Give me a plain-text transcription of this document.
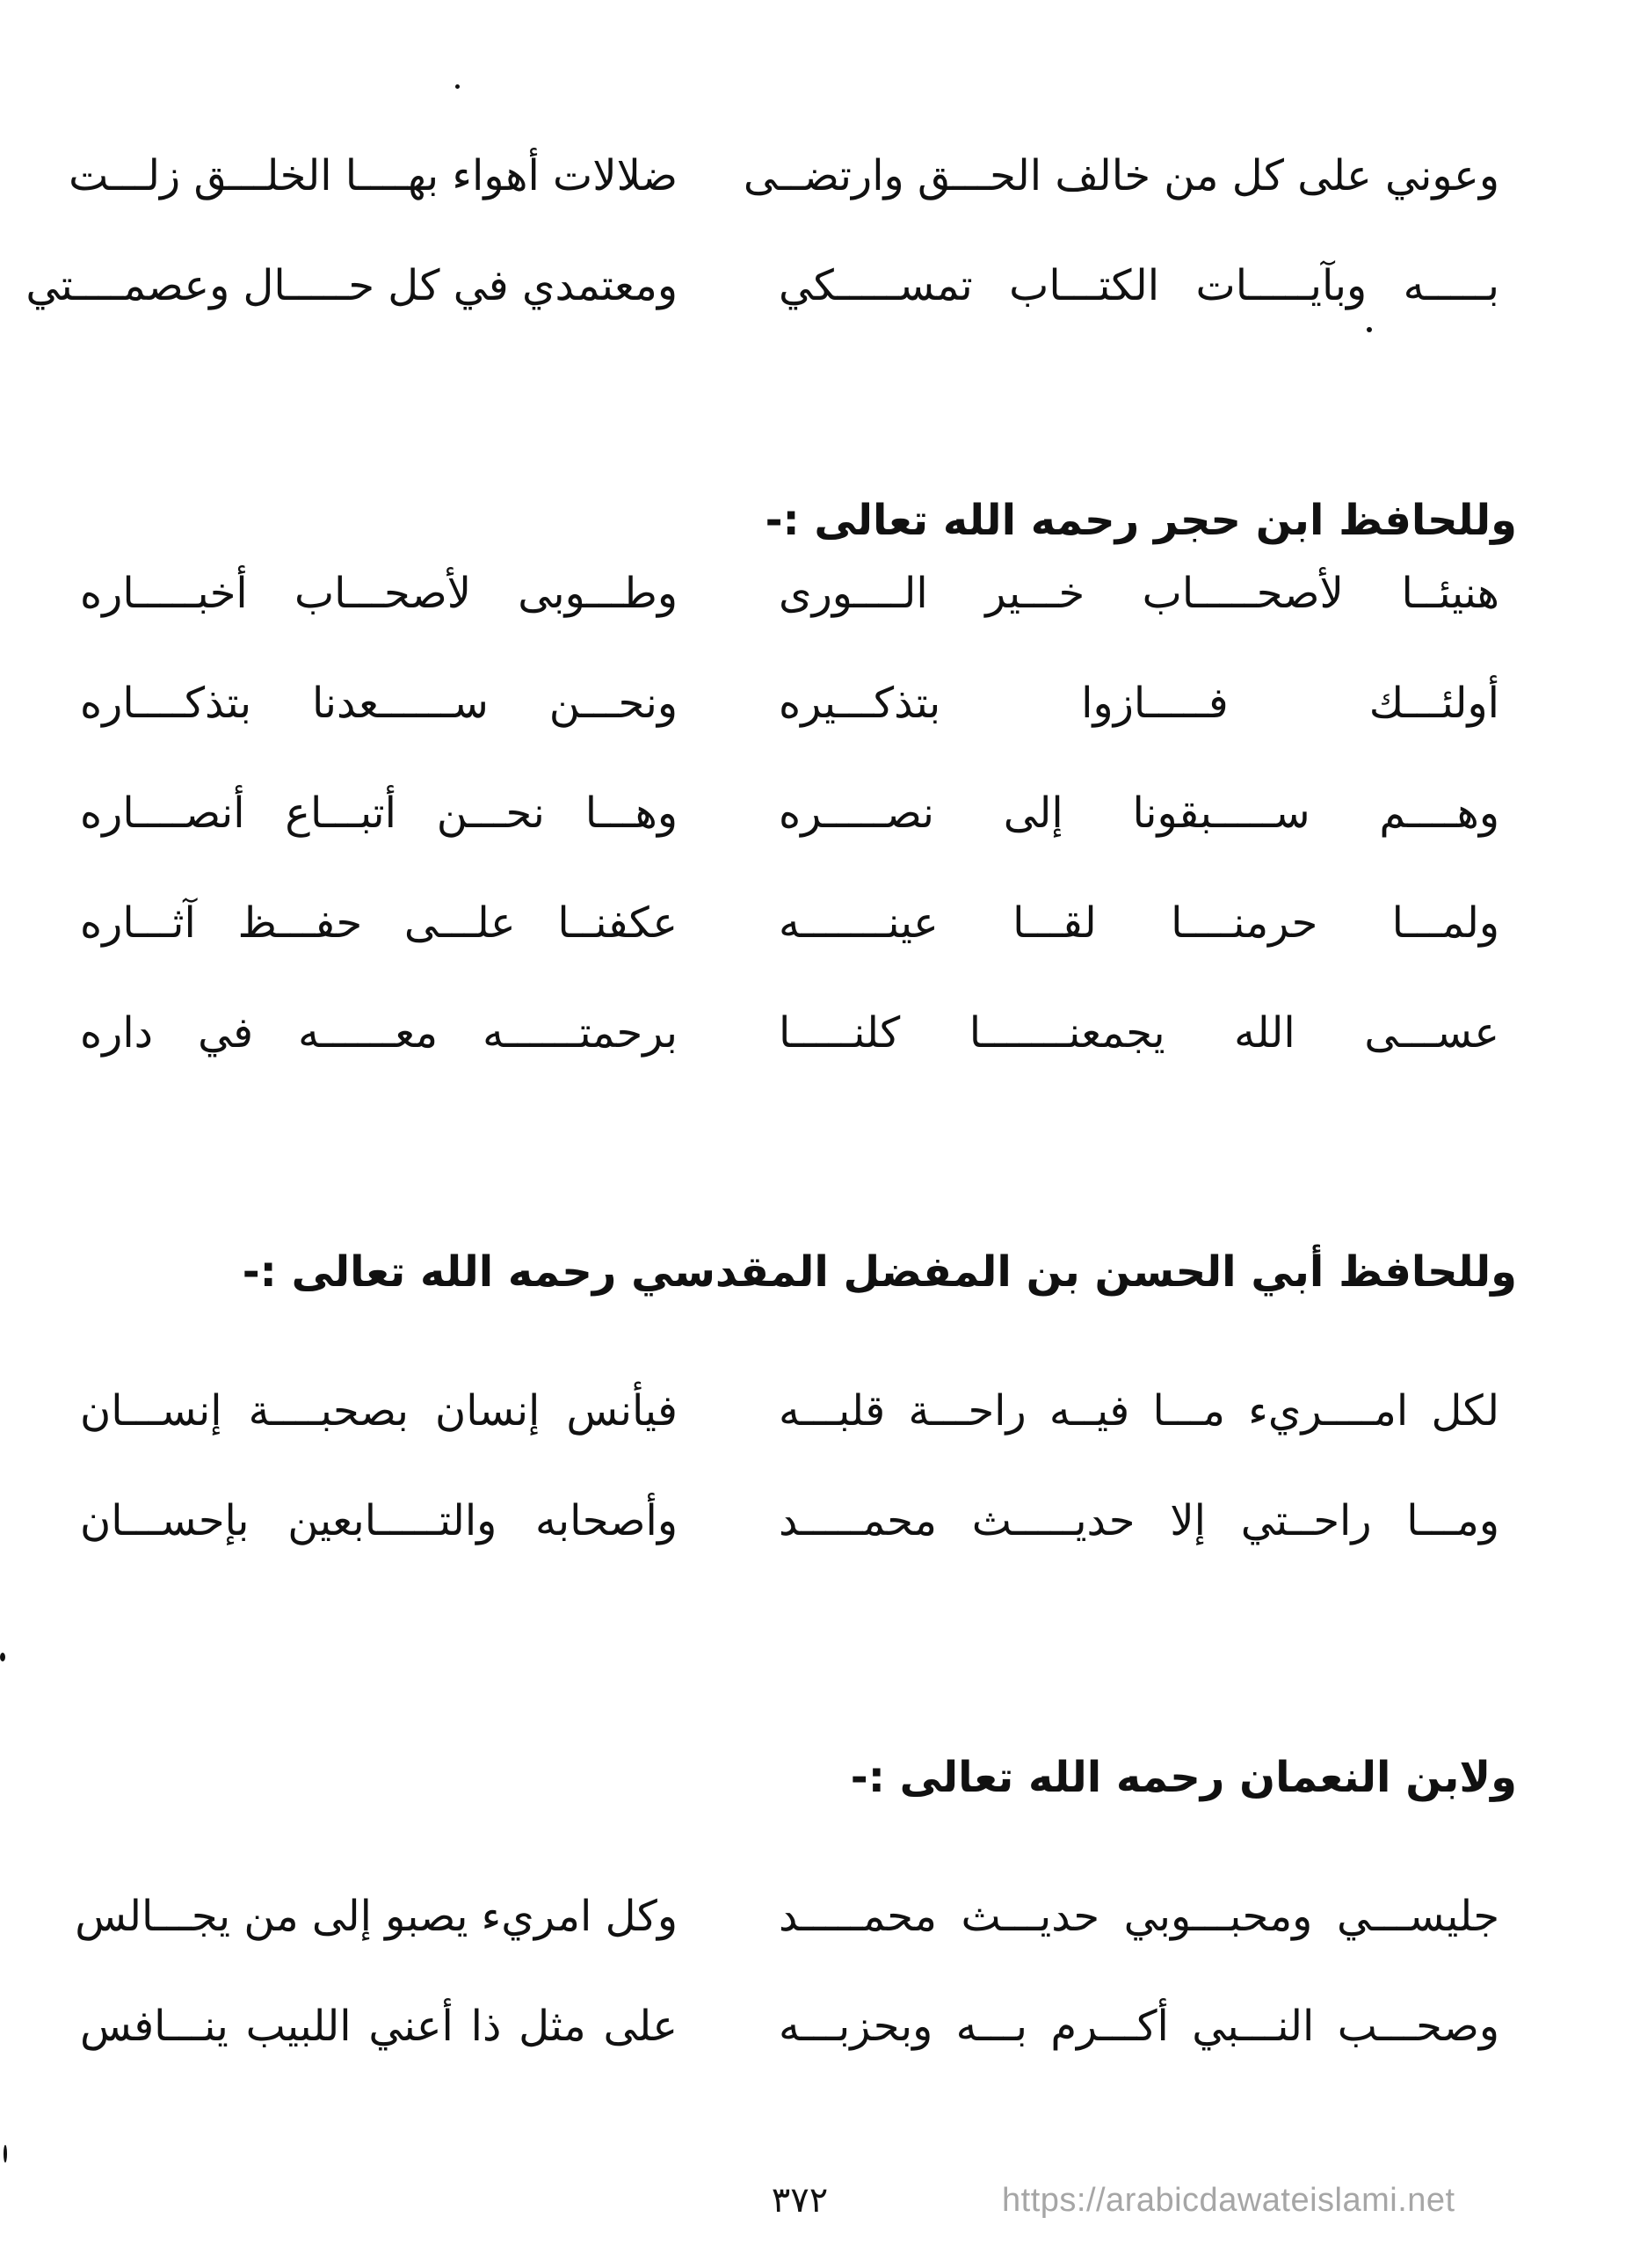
وعوني على كل من خالف الحـــق وارتضــى
ضلالات أهواء بهــــا الخلـــق زلـــت
بـــــه وبآيـــــات الكتـــاب تمســـــكي
ومعتمدي في كل حـــــال وعصمــــتي
وللحافظ ابن حجر رحمه الله تعالى :-
هنيئــا لأصحـــــاب خـــير الــــورى
وطـــوبى لأصحـــاب أخبـــــاره
أولئـــك فـــــازوا بتذكـــيره
ونحـــن ســــــعدنا بتذكــــاره
وهــــم ســـــبقونا إلى نصـــــره
وهـــا نحـــن أتبـــاع أنصــــاره
ولمـــا حرمنــــا لقـــا عينـــــــه
عكفنــا علـــى حفـــظ آثـــاره
عســـى الله يجمعنـــــــا كلنـــــا
برحمتــــــه معــــــه في داره
وللحافظ أبي الحسن بن المفضل المقدسي رحمه الله تعالى :-
لكل امــــريء مـــا فيــه راحـــة قلبـــه
فيأنس إنسان بصحبــــة إنســـان
ومـــا راحــتي إلا حديـــــث محمـــــد
وأصحابه والتـــــابعين بإحســـان
ولابن النعمان رحمه الله تعالى :-
جليســـي ومحبـــوبي حديـــث محمـــــد
وكل امريء يصبو إلى من يجـــالس
وصحـــب النـــبي أكـــرم بـــه وبحزبـــه
على مثل ذا أعني اللبيب ينـــافس
٣٧٢	https://arabicdawateislami.net
